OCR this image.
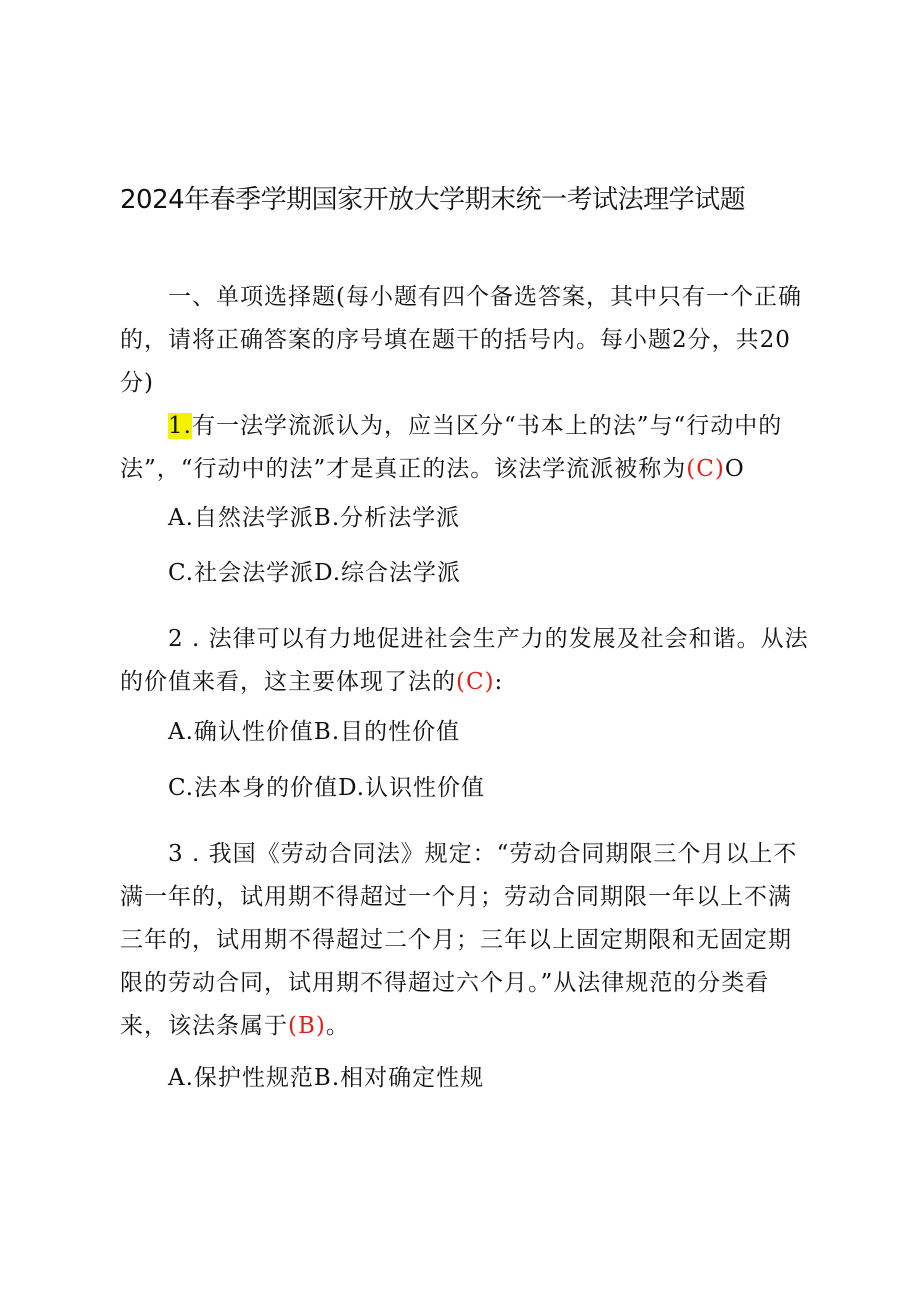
2024年春季学期国家开放大学期末统一考试法理学试题

一、单项选择题(每小题有四个备选答案，其中只有一个正确的，请将正确答案的序号填在题干的括号内。每小题2分，共20分)

1.有一法学流派认为，应当区分“书本上的法”与“行动中的法”，“行动中的法”才是真正的法。该法学流派被称为(C)O

A.自然法学派B.分析法学派

C.社会法学派D.综合法学派

2 . 法律可以有力地促进社会生产力的发展及社会和谐。从法的价值来看，这主要体现了法的(C):

A.确认性价值B.目的性价值

C.法本身的价值D.认识性价值

3 . 我国《劳动合同法》规定：“劳动合同期限三个月以上不满一年的，试用期不得超过一个月；劳动合同期限一年以上不满三年的，试用期不得超过二个月；三年以上固定期限和无固定期限的劳动合同，试用期不得超过六个月。”从法律规范的分类看来，该法条属于(B)。

A.保护性规范B.相对确定性规
